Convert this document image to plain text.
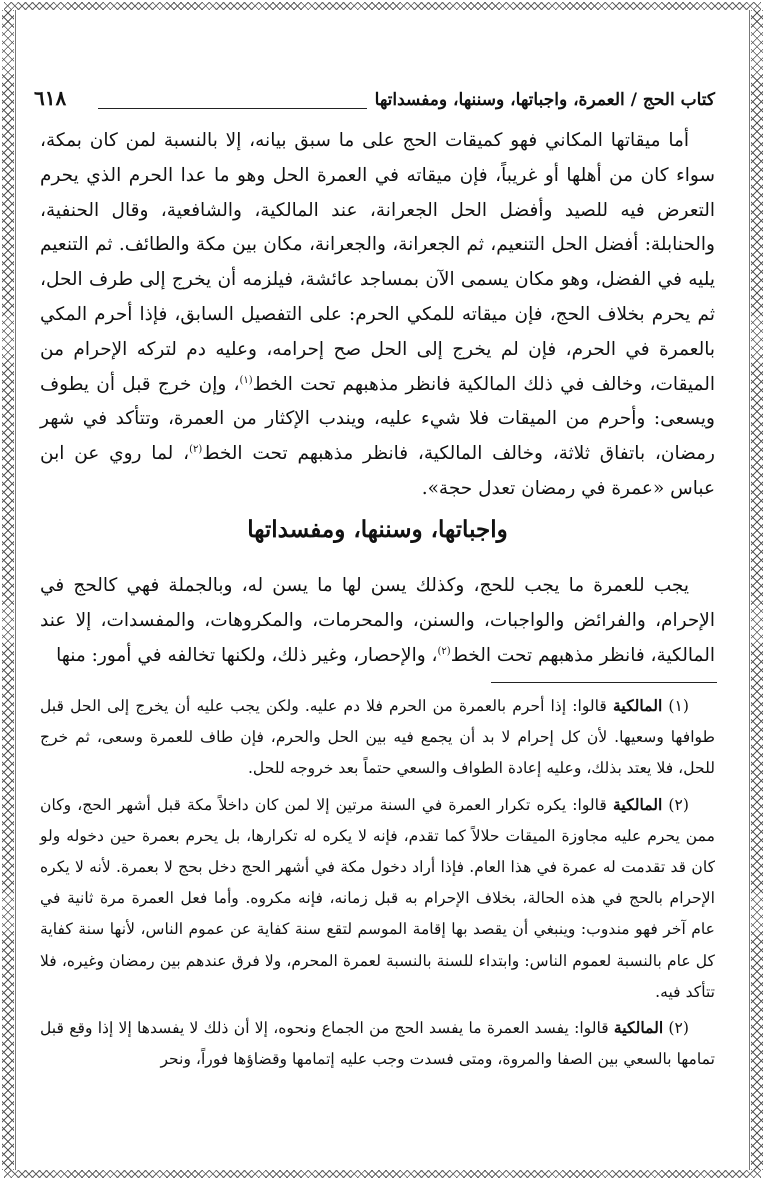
كتاب الحج / العمرة، واجباتها، وسننها، ومفسداتها
٦١٨

أما ميقاتها المكاني فهو كميقات الحج على ما سبق بيانه، إلا بالنسبة لمن كان بمكة، سواء كان من أهلها أو غريباً، فإن ميقاته في العمرة الحل وهو ما عدا الحرم الذي يحرم التعرض فيه للصيد وأفضل الحل الجعرانة، عند المالكية، والشافعية، وقال الحنفية، والحنابلة: أفضل الحل التنعيم، ثم الجعرانة، والجعرانة، مكان بين مكة والطائف. ثم التنعيم يليه في الفضل، وهو مكان يسمى الآن بمساجد عائشة، فيلزمه أن يخرج إلى طرف الحل، ثم يحرم بخلاف الحج، فإن ميقاته للمكي الحرم: على التفصيل السابق، فإذا أحرم المكي بالعمرة في الحرم، فإن لم يخرج إلى الحل صح إحرامه، وعليه دم لتركه الإحرام من الميقات، وخالف في ذلك المالكية فانظر مذهبهم تحت الخط$^{(١)}$، وإن خرج قبل أن يطوف ويسعى: وأحرم من الميقات فلا شيء عليه، ويندب الإكثار من العمرة، وتتأكد في شهر رمضان، باتفاق ثلاثة، وخالف المالكية، فانظر مذهبهم تحت الخط$^{(٢)}$، لما روي عن ابن عباس «عمرة في رمضان تعدل حجة».

واجباتها، وسننها، ومفسداتها

يجب للعمرة ما يجب للحج، وكذلك يسن لها ما يسن له، وبالجملة فهي كالحج في الإحرام، والفرائض والواجبات، والسنن، والمحرمات، والمكروهات، والمفسدات، إلا عند المالكية، فانظر مذهبهم تحت الخط$^{(٢)}$، والإحصار، وغير ذلك، ولكنها تخالفه في أمور: منها

(١) المالكية قالوا: إذا أحرم بالعمرة من الحرم فلا دم عليه. ولكن يجب عليه أن يخرج إلى الحل قبل طوافها وسعيها. لأن كل إحرام لا بد أن يجمع فيه بين الحل والحرم، فإن طاف للعمرة وسعى، ثم خرج للحل، فلا يعتد بذلك، وعليه إعادة الطواف والسعي حتماً بعد خروجه للحل.

(٢) المالكية قالوا: يكره تكرار العمرة في السنة مرتين إلا لمن كان داخلاً مكة قبل أشهر الحج، وكان ممن يحرم عليه مجاوزة الميقات حلالاً كما تقدم، فإنه لا يكره له تكرارها، بل يحرم بعمرة حين دخوله ولو كان قد تقدمت له عمرة في هذا العام. فإذا أراد دخول مكة في أشهر الحج دخل بحج لا بعمرة. لأنه لا يكره الإحرام بالحج في هذه الحالة، بخلاف الإحرام به قبل زمانه، فإنه مكروه. وأما فعل العمرة مرة ثانية في عام آخر فهو مندوب: وينبغي أن يقصد بها إقامة الموسم لتقع سنة كفاية عن عموم الناس، لأنها سنة كفاية كل عام بالنسبة لعموم الناس: وابتداء للسنة بالنسبة لعمرة المحرم، ولا فرق عندهم بين رمضان وغيره، فلا تتأكد فيه.

(٢) المالكية قالوا: يفسد العمرة ما يفسد الحج من الجماع ونحوه، إلا أن ذلك لا يفسدها إلا إذا وقع قبل تمامها بالسعي بين الصفا والمروة، ومتى فسدت وجب عليه إتمامها وقضاؤها فوراً، ونحر
